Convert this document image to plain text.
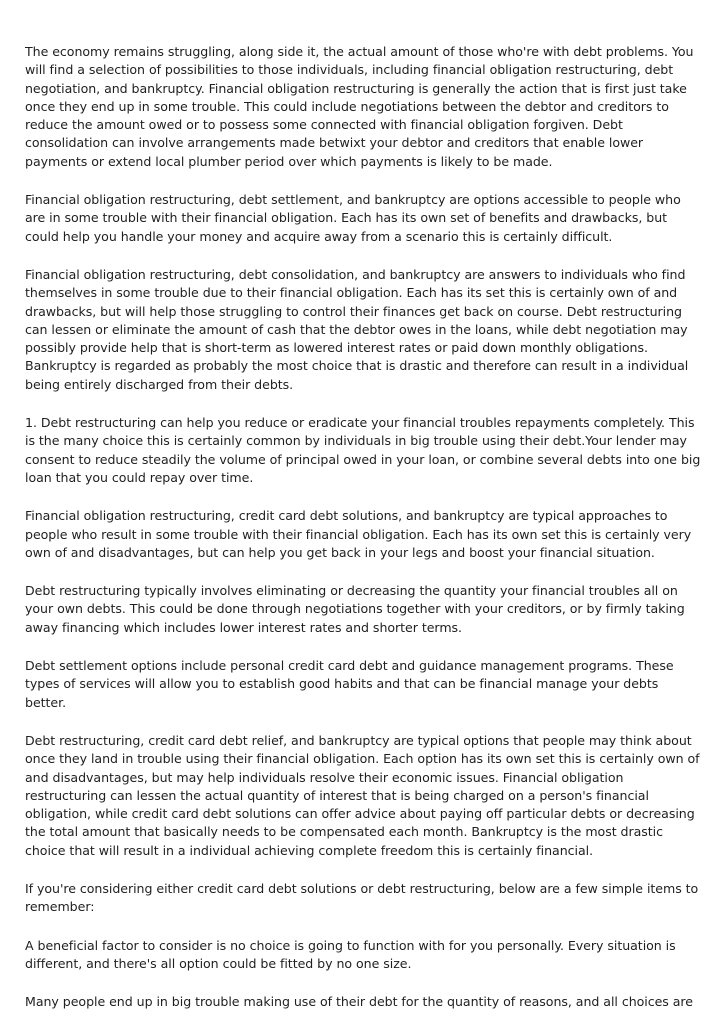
The economy remains struggling, along side it, the actual amount of those who're with debt problems. You will find a selection of possibilities to those individuals, including financial obligation restructuring, debt negotiation, and bankruptcy. Financial obligation restructuring is generally the action that is first just take once they end up in some trouble. This could include negotiations between the debtor and creditors to reduce the amount owed or to possess some connected with financial obligation forgiven. Debt consolidation can involve arrangements made betwixt your debtor and creditors that enable lower payments or extend local plumber period over which payments is likely to be made.

Financial obligation restructuring, debt settlement, and bankruptcy are options accessible to people who are in some trouble with their financial obligation. Each has its own set of benefits and drawbacks, but could help you handle your money and acquire away from a scenario this is certainly difficult.

Financial obligation restructuring, debt consolidation, and bankruptcy are answers to individuals who find themselves in some trouble due to their financial obligation. Each has its set this is certainly own of and drawbacks, but will help those struggling to control their finances get back on course. Debt restructuring can lessen or eliminate the amount of cash that the debtor owes in the loans, while debt negotiation may possibly provide help that is short-term as lowered interest rates or paid down monthly obligations. Bankruptcy is regarded as probably the most choice that is drastic and therefore can result in a individual being entirely discharged from their debts.

1. Debt restructuring can help you reduce or eradicate your financial troubles repayments completely. This is the many choice this is certainly common by individuals in big trouble using their debt.Your lender may consent to reduce steadily the volume of principal owed in your loan, or combine several debts into one big loan that you could repay over time.

Financial obligation restructuring, credit card debt solutions, and bankruptcy are typical approaches to people who result in some trouble with their financial obligation. Each has its own set this is certainly very own of and disadvantages, but can help you get back in your legs and boost your financial situation.

Debt restructuring typically involves eliminating or decreasing the quantity your financial troubles all on your own debts. This could be done through negotiations together with your creditors, or by firmly taking away financing which includes lower interest rates and shorter terms.

Debt settlement options include personal credit card debt and guidance management programs. These types of services will allow you to establish good habits and that can be financial manage your debts better.

Debt restructuring, credit card debt relief, and bankruptcy are typical options that people may think about once they land in trouble using their financial obligation. Each option has its own set this is certainly own of and disadvantages, but may help individuals resolve their economic issues. Financial obligation restructuring can lessen the actual quantity of interest that is being charged on a person's financial obligation, while credit card debt solutions can offer advice about paying off particular debts or decreasing the total amount that basically needs to be compensated each month. Bankruptcy is the most drastic choice that will result in a individual achieving complete freedom this is certainly financial.

If you're considering either credit card debt solutions or debt restructuring, below are a few simple items to remember:

A beneficial factor to consider is no choice is going to function with for you personally. Every situation is different, and there's all option could be fitted by no one size.

Many people end up in big trouble making use of their debt for the quantity of reasons, and all choices are
